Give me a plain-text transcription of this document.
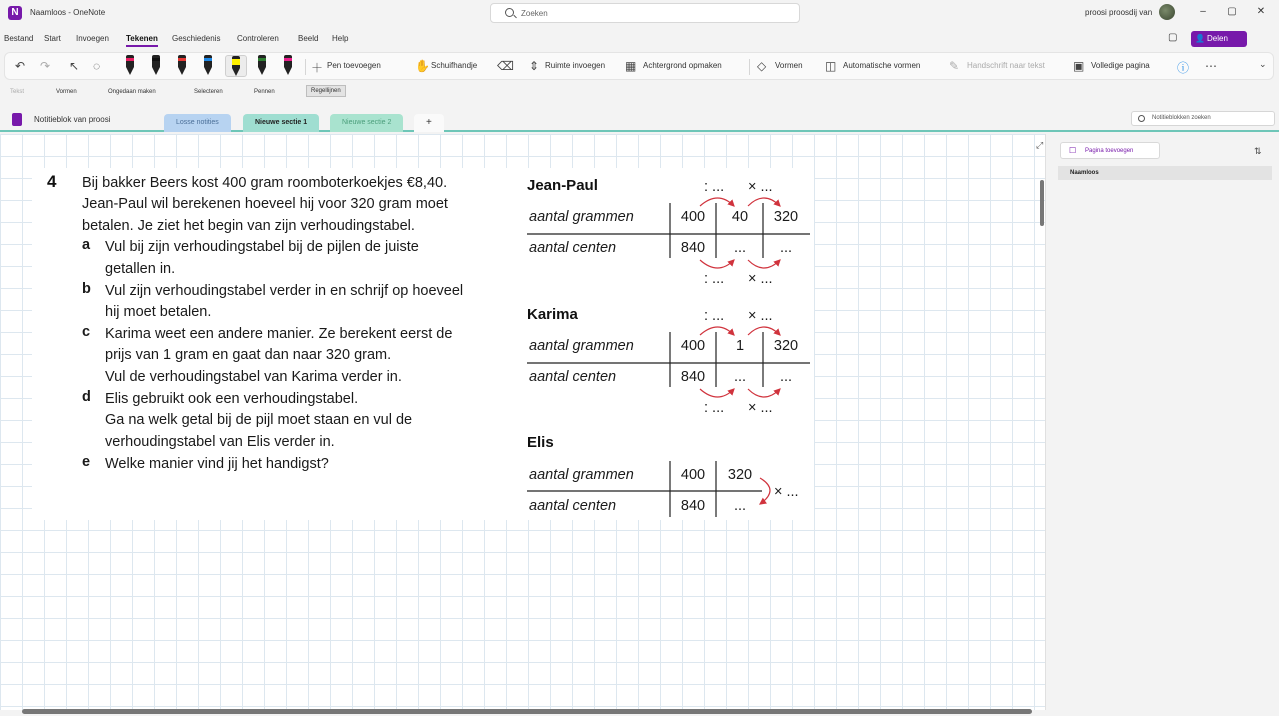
N	Naamloos - OneNote	Zoeken	proosi proosdij van	–	▢	✕
Bestand Start Invoegen Tekenen Geschiedenis Controleren Beeld Help	▢
👤	Delen
↶ ↷ ↖ ◌	＋ Pen toevoegen	✋ Schuifhandje ⌫ ⇕ Ruimte invoegen ▦ Achtergrond opmaken	◇ Vormen ◫ Automatische vormen ✎ Handschrift naar tekst ▣ Volledige pagina ⓘ ⋯	⌄
Tekst	Vormen	Ongedaan maken	Selecteren	Pennen	Regellijnen
Notitieblok van proosi	Losse notities	Nieuwe sectie 1	Nieuwe sectie 2	+	Notitieblokken zoeken
⤢
4 Bij bakker Beers kost 400 gram roomboterkoekjes €8,40.
Jean-Paul wil berekenen hoeveel hij voor 320 gram moet
betalen. Je ziet het begin van zijn verhoudingstabel.
a Vul bij zijn verhoudingstabel bij de pijlen de juiste
getallen in.
b Vul zijn verhoudingstabel verder in en schrijf op hoeveel
hij moet betalen.
c Karima weet een andere manier. Ze berekent eerst de
prijs van 1 gram en gaat dan naar 320 gram.
Vul de verhoudingstabel van Karima verder in.
d Elis gebruikt ook een verhoudingstabel.
Ga na welk getal bij de pijl moet staan en vul de
verhoudingstabel van Elis verder in.
e Welke manier vind jij het handigst?
Jean-Paul	: ... × ...
aantal grammen
aantal centen
400	40	320
840	...	...
: ... × ...
Karima	: ... × ...
aantal grammen
aantal centen
400	1	320
840	...	...
: ... × ...
Elis
aantal grammen
aantal centen
400	320
840	...
× ...
☐ Pagina toevoegen	⇅
Naamloos
